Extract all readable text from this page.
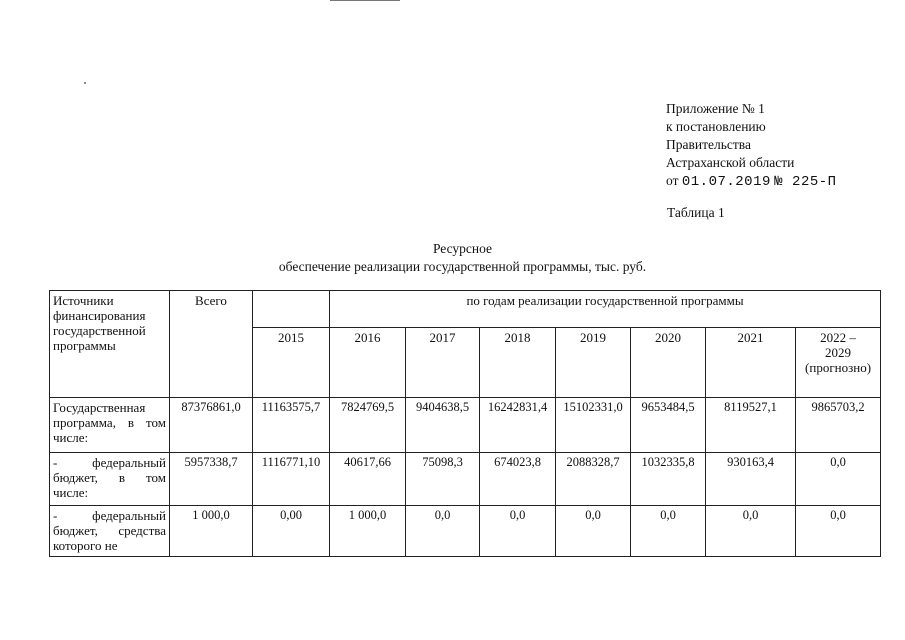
Приложение № 1
к постановлению
Правительства
Астраханской области
от 01.07.2019 № 225-П
Таблица 1
Ресурсное
обеспечение реализации государственной программы, тыс. руб.
Источники финансирования государственной программы	Всего		по годам реализации государственной программы						
		2015	2016	2017	2018	2019	2020	2021	2022 –
2029
(прогнозно)

Государственная программа, в том числе:	87376861,0	11163575,7	7824769,5	9404638,5	16242831,4	15102331,0	9653484,5	8119527,1	9865703,2
- федеральный бюджет, в том числе:	5957338,7	1116771,10	40617,66	75098,3	674023,8	2088328,7	1032335,8	930163,4	0,0
- федеральный бюджет, средства которого не	1 000,0	0,00	1 000,0	0,0	0,0	0,0	0,0	0,0	0,0
